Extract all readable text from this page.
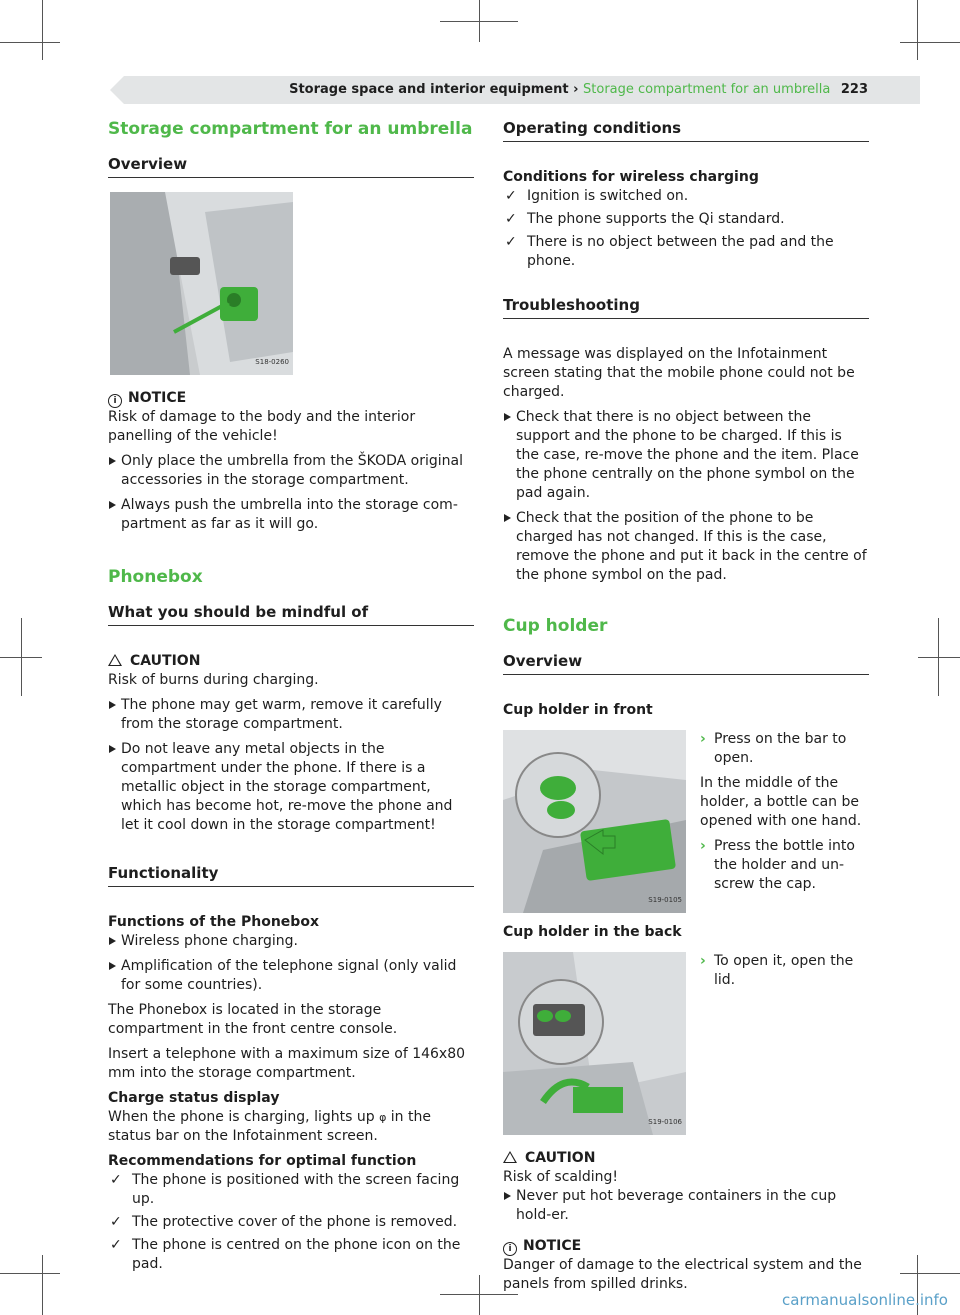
Storage space and interior equipment › Storage compartment for an umbrella 223
Storage compartment for an umbrella
Overview
S18-0260

i NOTICE

Risk of damage to the body and the interior panelling of the vehicle!

Only place the umbrella from the ŠKODA original accessories in the storage compartment.
Always push the umbrella into the storage com-partment as far as it will go.
Phonebox
What you should be mindful of

CAUTION

Risk of burns during charging.

The phone may get warm, remove it carefully from the storage compartment.
Do not leave any metal objects in the compartment under the phone. If there is a metallic object in the storage compartment, which has become hot, re-move the phone and let it cool down in the storage compartment!
Functionality

Functions of the Phonebox

Wireless phone charging.
Amplification of the telephone signal (only valid for some countries).

The Phonebox is located in the storage compartment in the front centre console.

Insert a telephone with a maximum size of 146x80 mm into the storage compartment.

Charge status display

When the phone is charging, lights up φ in the status bar on the Infotainment screen.

Recommendations for optimal function

✓ The phone is positioned with the screen facing up.
✓ The protective cover of the phone is removed.
✓ The phone is centred on the phone icon on the pad.
Operating conditions

Conditions for wireless charging

✓ Ignition is switched on.
✓ The phone supports the Qi standard.
✓ There is no object between the pad and the phone.
Troubleshooting

A message was displayed on the Infotainment screen stating that the mobile phone could not be charged.

Check that there is no object between the support and the phone to be charged. If this is the case, re-move the phone and the item. Place the phone centrally on the phone symbol on the pad again.
Check that the position of the phone to be charged has not changed. If this is the case, remove the phone and put it back in the centre of the phone symbol on the pad.
Cup holder
Overview

Cup holder in front

S19-0105
› Press on the bar to open.

In the middle of the holder, a bottle can be opened with one hand.

› Press the bottle into the holder and un-screw the cap.

Cup holder in the back

S19-0106
› To open it, open the lid.

CAUTION

Risk of scalding!

Never put hot beverage containers in the cup hold-er.

i NOTICE

Danger of damage to the electrical system and the panels from spilled drinks.

carmanualsonline.info
